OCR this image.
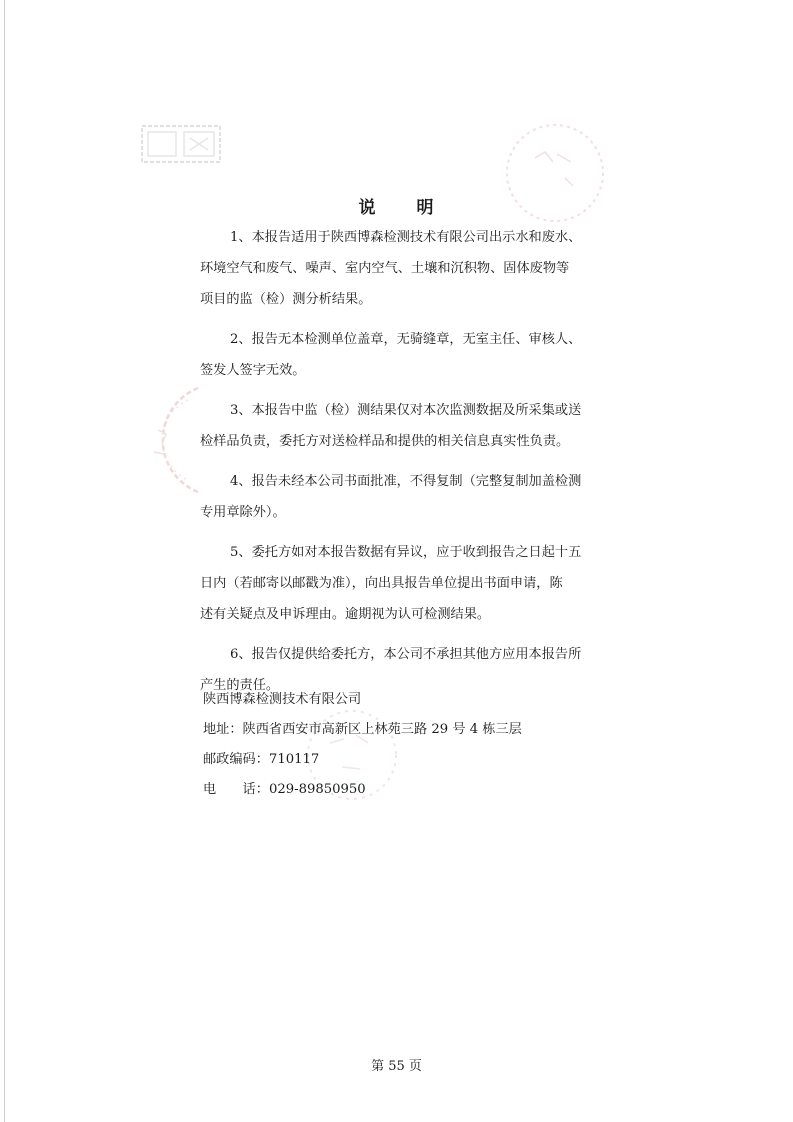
说 明
1、本报告适用于陕西博森检测技术有限公司出示水和废水、
环境空气和废气、噪声、室内空气、土壤和沉积物、固体废物等
项目的监（检）测分析结果。
2、报告无本检测单位盖章，无骑缝章，无室主任、审核人、
签发人签字无效。
3、本报告中监（检）测结果仅对本次监测数据及所采集或送
检样品负责，委托方对送检样品和提供的相关信息真实性负责。
4、报告未经本公司书面批准，不得复制（完整复制加盖检测
专用章除外）。
5、委托方如对本报告数据有异议，应于收到报告之日起十五
日内（若邮寄以邮戳为准），向出具报告单位提出书面申请，陈
述有关疑点及申诉理由。逾期视为认可检测结果。
6、报告仅提供给委托方，本公司不承担其他方应用本报告所
产生的责任。
陕西博森检测技术有限公司
地址：陕西省西安市高新区上林苑三路 29 号 4 栋三层
邮政编码：710117
电　　话：029-89850950
第 55 页
